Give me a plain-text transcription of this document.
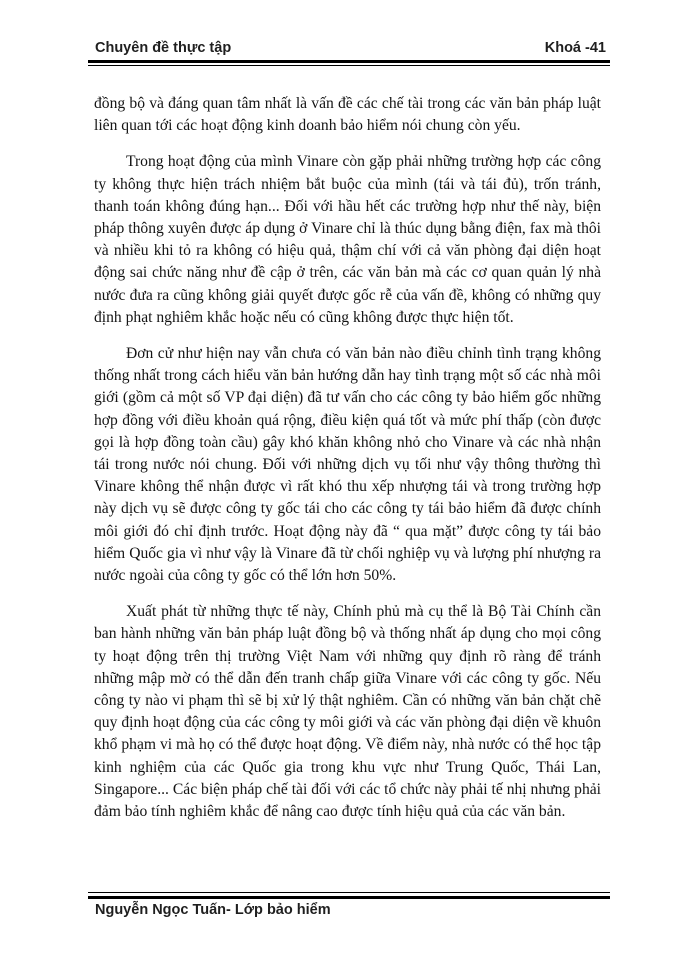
Chuyên đề thực tập	Khoá -41

đồng bộ và đáng quan tâm nhất là vấn đề các chế tài trong các văn bản pháp luật liên quan tới các hoạt động kinh doanh bảo hiểm nói chung còn yếu.

Trong hoạt động của mình Vinare còn gặp phải những trường hợp các công ty không thực hiện trách nhiệm bắt buộc của mình (tái và tái đủ), trốn tránh, thanh toán không đúng hạn... Đối với hầu hết các trường hợp như thế này, biện pháp thông xuyên được áp dụng ở Vinare chỉ là thúc dụng bằng điện, fax mà thôi và nhiều khi tỏ ra không có hiệu quả, thậm chí với cả văn phòng đại diện hoạt động sai chức năng như đề cập ở trên, các văn bản mà các cơ quan quản lý nhà nước đưa ra cũng không giải quyết được gốc rễ của vấn đề, không có những quy định phạt nghiêm khắc hoặc nếu có cũng không được thực hiện tốt.

Đơn cử như hiện nay vẫn chưa có văn bản nào điều chỉnh tình trạng không thống nhất trong cách hiểu văn bản hướng dẫn hay tình trạng một số các nhà môi giới (gồm cả một số VP đại diện) đã tư vấn cho các công ty bảo hiểm gốc những hợp đồng với điều khoản quá rộng, điều kiện quá tốt và mức phí thấp (còn được gọi là hợp đồng toàn cầu) gây khó khăn không nhỏ cho Vinare và các nhà nhận tái trong nước nói chung. Đối với những dịch vụ tối như vậy thông thường thì Vinare không thể nhận được vì rất khó thu xếp nhượng tái và trong trường hợp này dịch vụ sẽ được công ty gốc tái cho các công ty tái bảo hiểm đã được chính môi giới đó chỉ định trước. Hoạt động này đã “ qua mặt” được công ty tái bảo hiểm Quốc gia vì như vậy là Vinare đã từ chối nghiệp vụ và lượng phí nhượng ra nước ngoài của công ty gốc có thể lớn hơn 50%.

Xuất phát từ những thực tế này, Chính phủ mà cụ thể là Bộ Tài Chính cần ban hành những văn bản pháp luật đồng bộ và thống nhất áp dụng cho mọi công ty hoạt động trên thị trường Việt Nam với những quy định rõ ràng để tránh những mập mờ có thể dẫn đến tranh chấp giữa Vinare với các công ty gốc. Nếu công ty nào vi phạm thì sẽ bị xử lý thật nghiêm. Cần có những văn bản chặt chẽ quy định hoạt động của các công ty môi giới và các văn phòng đại diện về khuôn khổ phạm vi mà họ có thể được hoạt động. Về điểm này, nhà nước có thể học tập kinh nghiệm của các Quốc gia trong khu vực như Trung Quốc, Thái Lan, Singapore... Các biện pháp chế tài đối với các tổ chức này phải tế nhị nhưng phải đảm bảo tính nghiêm khắc để nâng cao được tính hiệu quả của các văn bản.

Nguyễn Ngọc Tuấn- Lớp bảo hiểm
